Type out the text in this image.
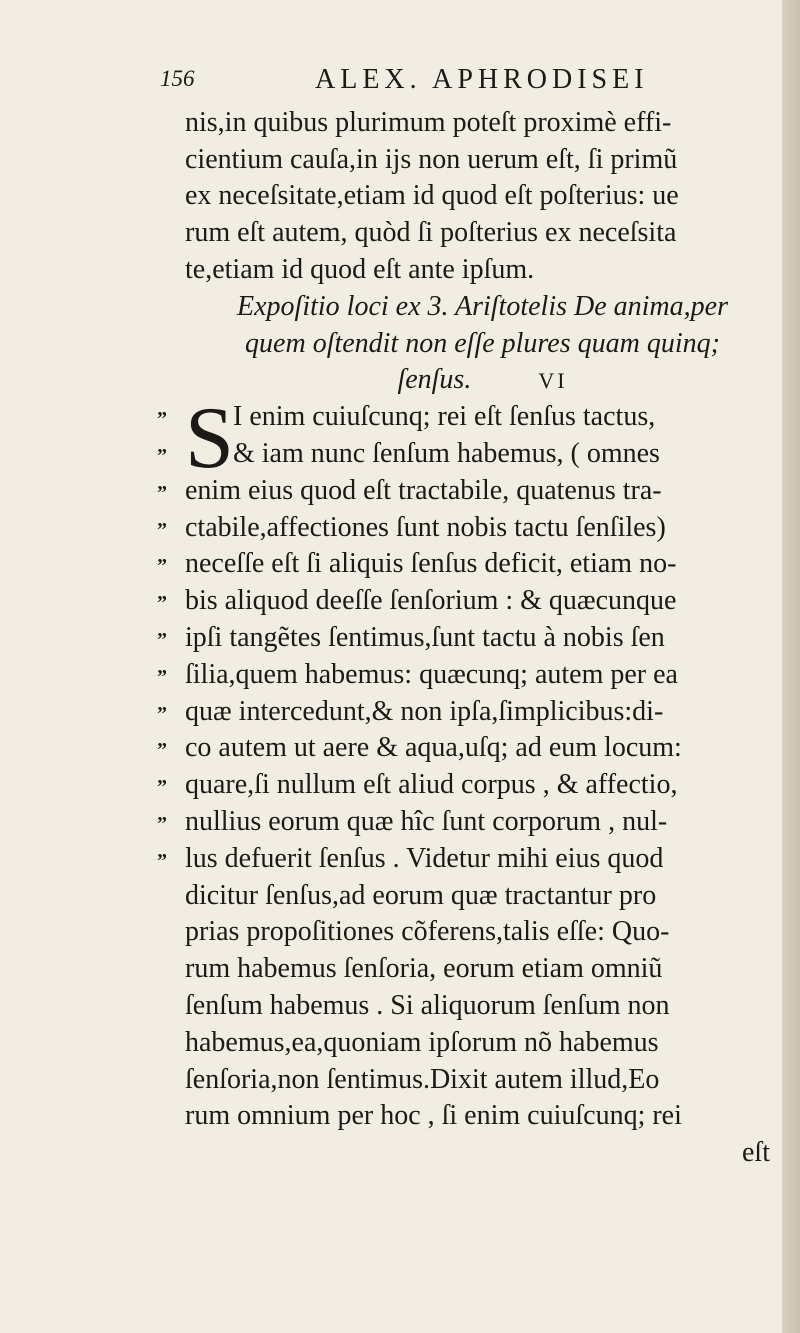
156	ALEX. APHRODISEI
nis,in quibus plurimum poteſt proximè effi-
cientium cauſa,in ijs non uerum eſt, ſi primũ
ex neceſsitate,etiam id quod eſt poſterius: ue
rum eſt autem, quòd ſi poſterius ex neceſsita
te,etiam id quod eſt ante ipſum.
Expoſitio loci ex 3. Ariſtotelis De anima,per
quem oſtendit non eſſe plures quam quinq;
ſenſus.	VI
S
” I enim cuiuſcunq; rei eſt ſenſus tactus,
” & iam nunc ſenſum habemus, ( omnes
” enim eius quod eſt tractabile, quatenus tra-
” ctabile,affectiones ſunt nobis tactu ſenſiles)
” neceſſe eſt ſi aliquis ſenſus deficit, etiam no-
” bis aliquod deeſſe ſenſorium : & quæcunque
” ipſi tangẽtes ſentimus,ſunt tactu à nobis ſen
” ſilia,quem habemus: quæcunq; autem per ea
” quæ intercedunt,& non ipſa,ſimplicibus:di-
” co autem ut aere & aqua,uſq; ad eum locum:
” quare,ſi nullum eſt aliud corpus , & affectio,
” nullius eorum quæ hîc ſunt corporum , nul-
” lus defuerit ſenſus . Videtur mihi eius quod
dicitur ſenſus,ad eorum quæ tractantur pro
prias propoſitiones cõferens,talis eſſe: Quo-
rum habemus ſenſoria, eorum etiam omniũ
ſenſum habemus . Si aliquorum ſenſum non
habemus,ea,quoniam ipſorum nõ habemus
ſenſoria,non ſentimus.Dixit autem illud,Eo
rum omnium per hoc , ſi enim cuiuſcunq; rei
eſt
